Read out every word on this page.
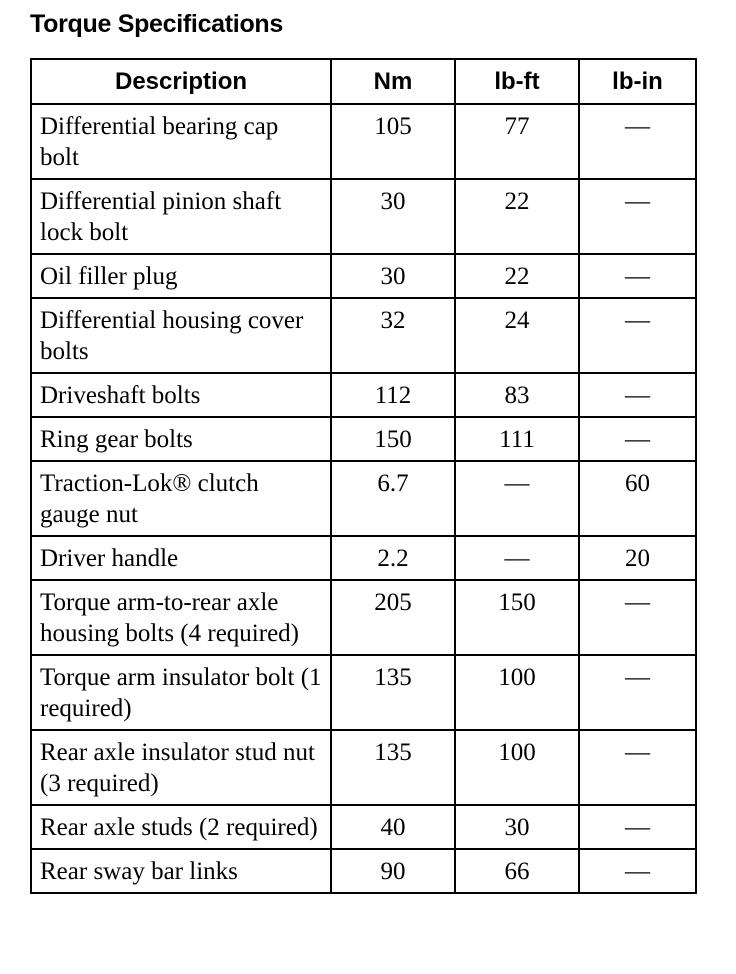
Torque Specifications
Description	Nm	lb-ft	lb-in
Differential bearing cap bolt	105	77	—
Differential pinion shaft lock bolt	30	22	—
Oil filler plug	30	22	—
Differential housing cover bolts	32	24	—
Driveshaft bolts	112	83	—
Ring gear bolts	150	111	—
Traction-Lok® clutch gauge nut	6.7	—	60
Driver handle	2.2	—	20
Torque arm-to-rear axle housing bolts (4 required)	205	150	—
Torque arm insulator bolt (1 required)	135	100	—
Rear axle insulator stud nut (3 required)	135	100	—
Rear axle studs (2 required)	40	30	—
Rear sway bar links	90	66	—
